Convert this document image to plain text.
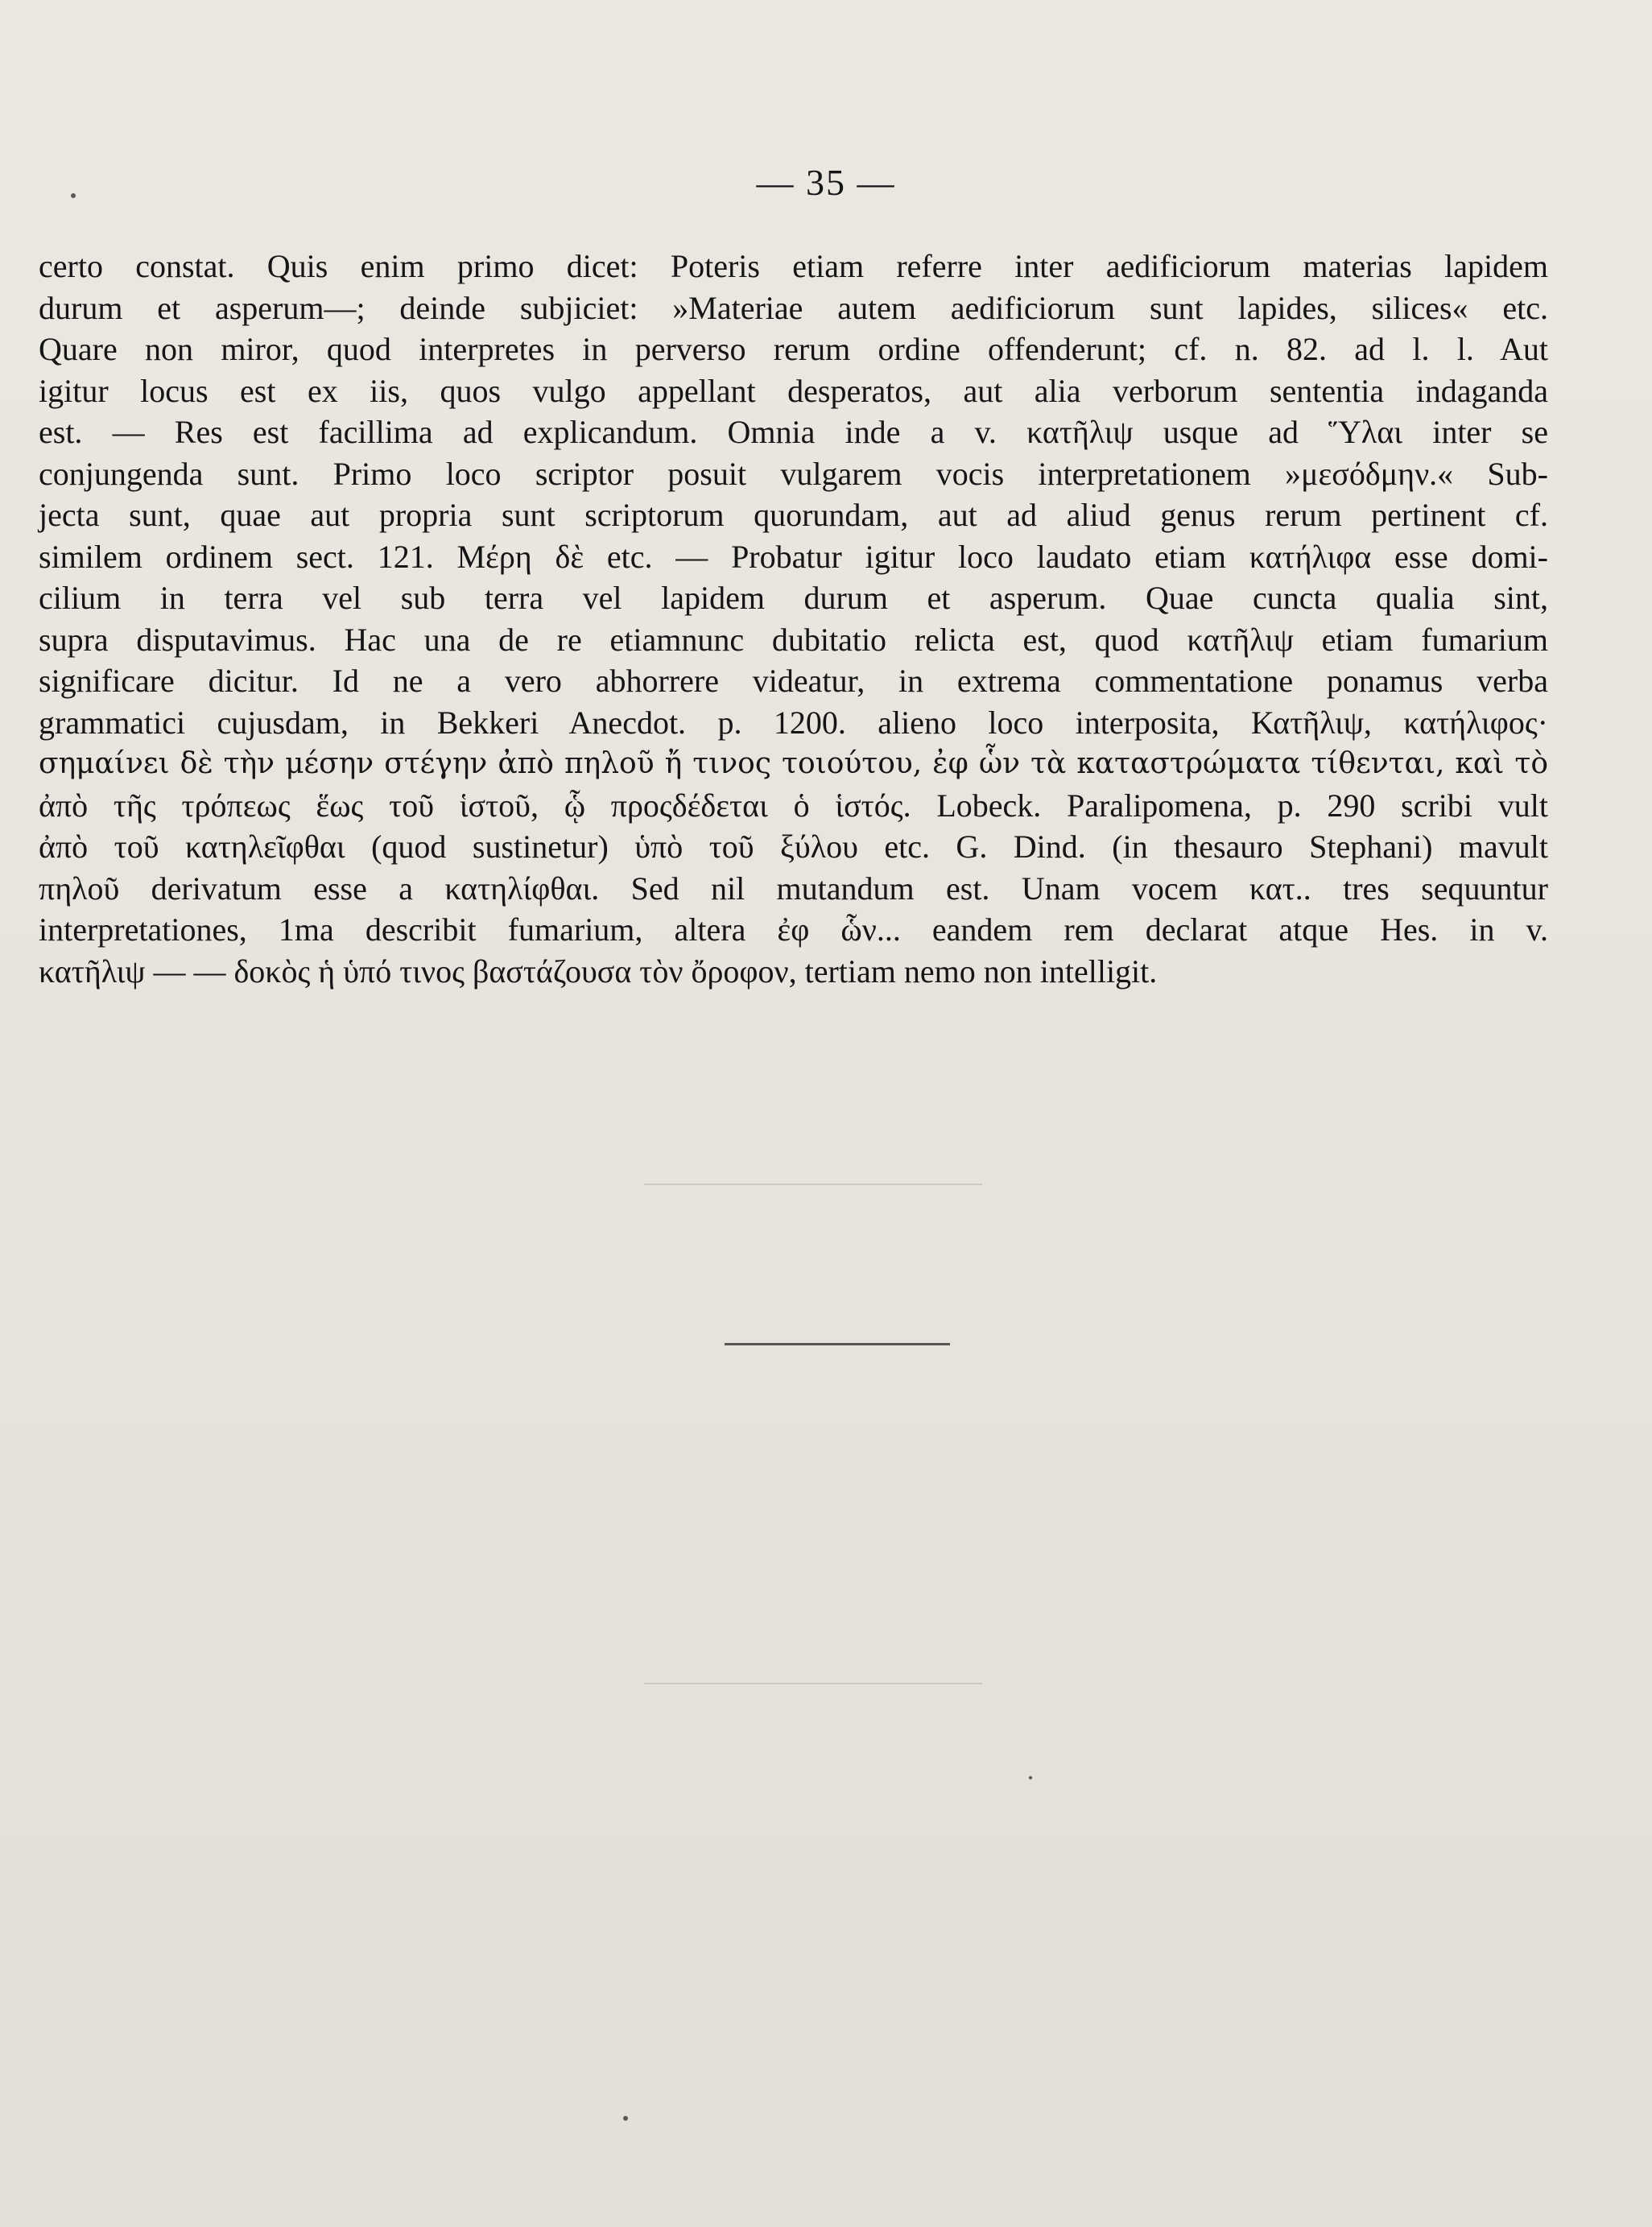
— 35 —
certo constat. Quis enim primo dicet: Poteris etiam referre inter aedificiorum materias lapidem
durum et asperum—; deinde subjiciet: »Materiae autem aedificiorum sunt lapides, silices« etc.
Quare non miror, quod interpretes in perverso rerum ordine offenderunt; cf. n. 82. ad l. l. Aut
igitur locus est ex iis, quos vulgo appellant desperatos, aut alia verborum sententia indaganda
est. — Res est facillima ad explicandum. Omnia inde a v. κατῆλιψ usque ad Ὕλαι inter se
conjungenda sunt. Primo loco scriptor posuit vulgarem vocis interpretationem »μεσόδμην.« Sub-
jecta sunt, quae aut propria sunt scriptorum quorundam, aut ad aliud genus rerum pertinent cf.
similem ordinem sect. 121. Μέρη δὲ etc. — Probatur igitur loco laudato etiam κατήλιφα esse domi-
cilium in terra vel sub terra vel lapidem durum et asperum. Quae cuncta qualia sint,
supra disputavimus. Hac una de re etiamnunc dubitatio relicta est, quod κατῆλιψ etiam fumarium
significare dicitur. Id ne a vero abhorrere videatur, in extrema commentatione ponamus verba
grammatici cujusdam, in Bekkeri Anecdot. p. 1200. alieno loco interposita, Κατῆλιψ, κατήλιφος·
σημαίνει δὲ τὴν μέσην στέγην ἀπὸ πηλοῦ ἤ τινος τοιούτου, ἐφ ὧν τὰ καταστρώματα τίθενται, καὶ τὸ
ἀπὸ τῆς τρόπεως ἕως τοῦ ἱστοῦ, ᾧ προςδέδεται ὁ ἱστός. Lobeck. Paralipomena, p. 290 scribi vult
ἀπὸ τοῦ κατηλεῖφθαι (quod sustinetur) ὑπὸ τοῦ ξύλου etc. G. Dind. (in thesauro Stephani) mavult
πηλοῦ derivatum esse a κατηλίφθαι. Sed nil mutandum est. Unam vocem κατ.. tres sequuntur
interpretationes, 1ma describit fumarium, altera ἐφ ὧν... eandem rem declarat atque Hes. in v.
κατῆλιψ — — δοκὸς ἡ ὑπό τινος βαστάζουσα τὸν ὄροφον, tertiam nemo non intelligit.
